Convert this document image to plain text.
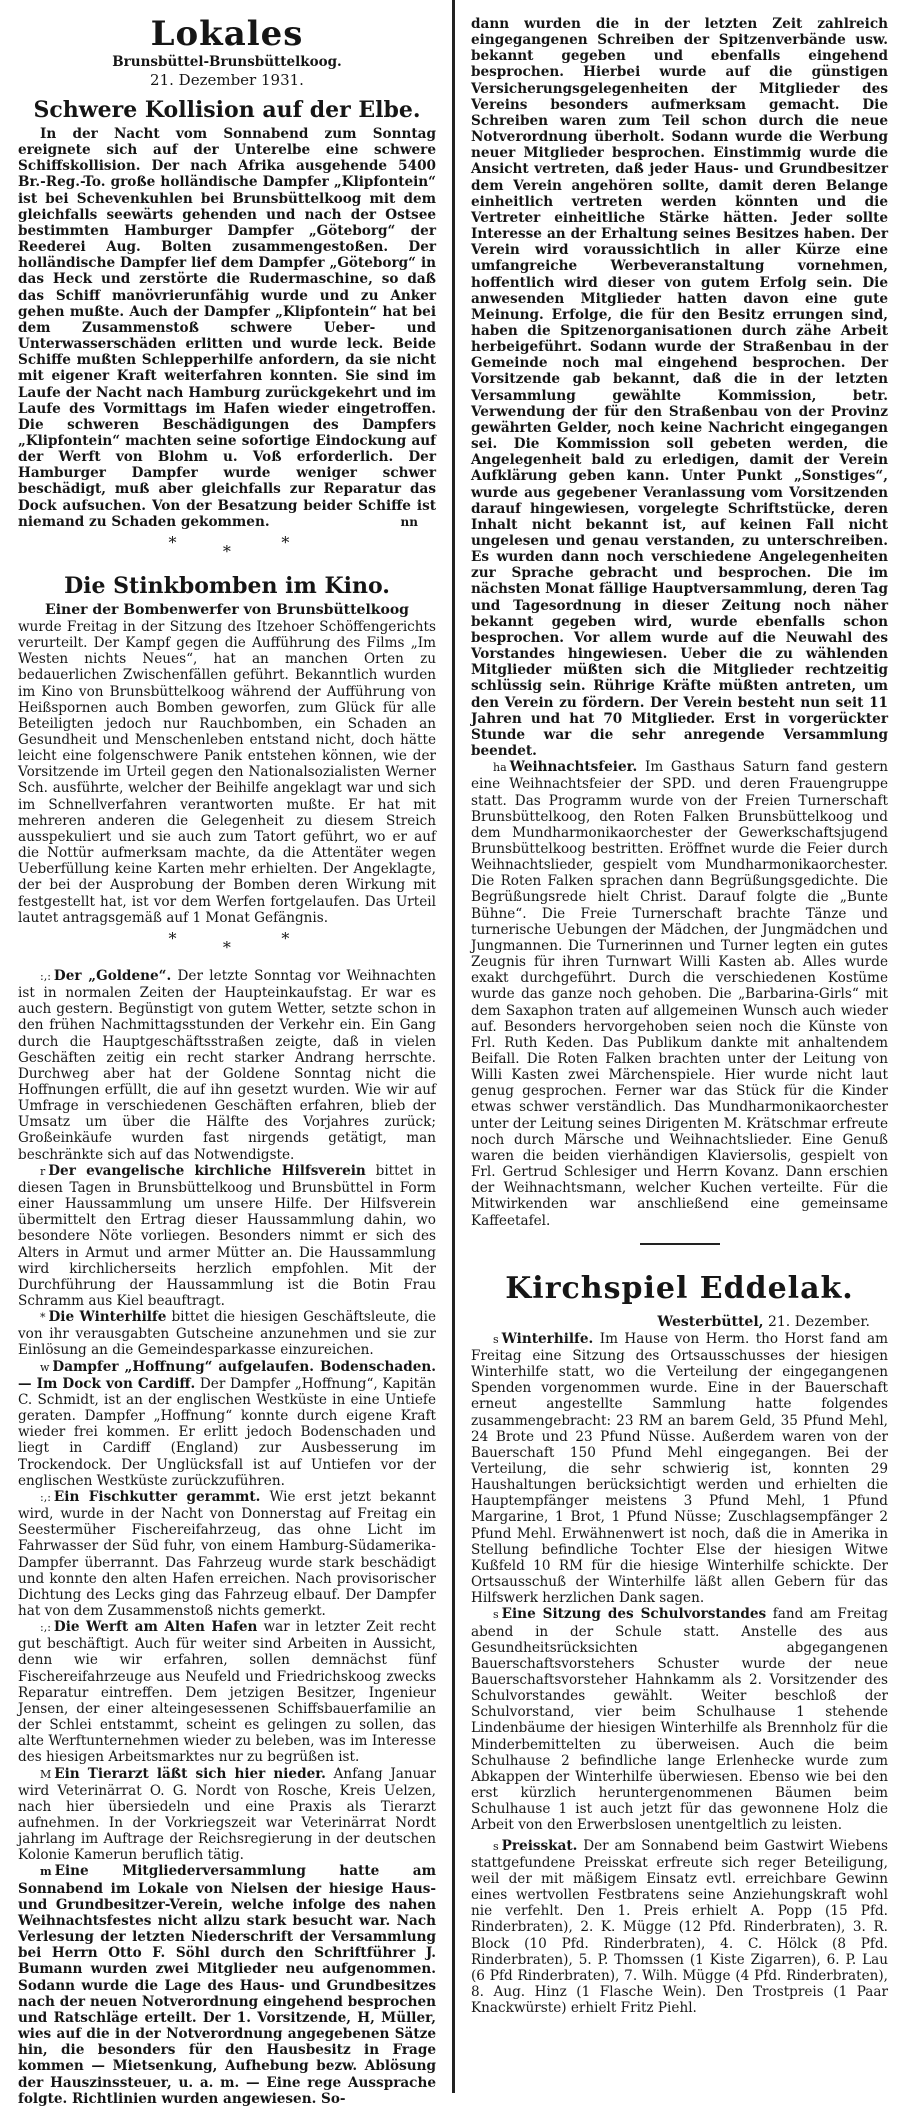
Lokales
Brunsbüttel-Brunsbüttelkoog.
21. Dezember 1931.
Schwere Kollision auf der Elbe.

In der Nacht vom Sonnabend zum Sonntag ereignete sich auf der Unterelbe eine schwere Schiffskollision. Der nach Afrika ausgehende 5400 Br.-Reg.-To. große holländische Dampfer „Klipfontein“ ist bei Schevenkuhlen bei Brunsbüttelkoog mit dem gleichfalls seewärts gehenden und nach der Ostsee bestimmten Hamburger Dampfer „Göteborg“ der Reederei Aug. Bolten zusammengestoßen. Der holländische Dampfer lief dem Dampfer „Göteborg“ in das Heck und zerstörte die Rudermaschine, so daß das Schiff manövrierunfähig wurde und zu Anker gehen mußte. Auch der Dampfer „Klipfontein“ hat bei dem Zusammenstoß schwere Ueber- und Unterwasserschäden erlitten und wurde leck. Beide Schiffe mußten Schlepperhilfe anfordern, da sie nicht mit eigener Kraft weiterfahren konnten. Sie sind im Laufe der Nacht nach Hamburg zurückgekehrt und im Laufe des Vormittags im Hafen wieder eingetroffen. Die schweren Beschädigungen des Dampfers „Klipfontein“ machten seine sofortige Eindockung auf der Werft von Blohm u. Voß erforderlich. Der Hamburger Dampfer wurde weniger schwer beschädigt, muß aber gleichfalls zur Reparatur das Dock aufsuchen. Von der Besatzung beider Schiffe ist niemand zu Schaden gekommen.	nn

*	*	*
Die Stinkbomben im Kino.
Einer der Bombenwerfer von Brunsbüttelkoog

wurde Freitag in der Sitzung des Itzehoer Schöffengerichts verurteilt. Der Kampf gegen die Aufführung des Films „Im Westen nichts Neues“, hat an manchen Orten zu bedauerlichen Zwischenfällen geführt. Bekanntlich wurden im Kino von Brunsbüttelkoog während der Aufführung von Heißspornen auch Bomben geworfen, zum Glück für alle Beteiligten jedoch nur Rauchbomben, ein Schaden an Gesundheit und Menschenleben entstand nicht, doch hätte leicht eine folgenschwere Panik entstehen können, wie der Vorsitzende im Urteil gegen den Nationalsozialisten Werner Sch. ausführte, welcher der Beihilfe angeklagt war und sich im Schnellverfahren verantworten mußte. Er hat mit mehreren anderen die Gelegenheit zu diesem Streich ausspekuliert und sie auch zum Tatort geführt, wo er auf die Nottür aufmerksam machte, da die Attentäter wegen Ueberfüllung keine Karten mehr erhielten. Der Angeklagte, der bei der Ausprobung der Bomben deren Wirkung mit festgestellt hat, ist vor dem Werfen fortgelaufen. Das Urteil lautet antragsgemäß auf 1 Monat Gefängnis.

*	*	*

:,: Der „Goldene“. Der letzte Sonntag vor Weihnachten ist in normalen Zeiten der Haupteinkaufstag. Er war es auch gestern. Begünstigt von gutem Wetter, setzte schon in den frühen Nachmittagsstunden der Verkehr ein. Ein Gang durch die Hauptgeschäftsstraßen zeigte, daß in vielen Geschäften zeitig ein recht starker Andrang herrschte. Durchweg aber hat der Goldene Sonntag nicht die Hoffnungen erfüllt, die auf ihn gesetzt wurden. Wie wir auf Umfrage in verschiedenen Geschäften erfahren, blieb der Umsatz um über die Hälfte des Vorjahres zurück; Großeinkäufe wurden fast nirgends getätigt, man beschränkte sich auf das Notwendigste.

r Der evangelische kirchliche Hilfsverein bittet in diesen Tagen in Brunsbüttelkoog und Brunsbüttel in Form einer Haussammlung um unsere Hilfe. Der Hilfsverein übermittelt den Ertrag dieser Haussammlung dahin, wo besondere Nöte vorliegen. Besonders nimmt er sich des Alters in Armut und armer Mütter an. Die Haussammlung wird kirchlicherseits herzlich empfohlen. Mit der Durchführung der Haussammlung ist die Botin Frau Schramm aus Kiel beauftragt.

* Die Winterhilfe bittet die hiesigen Geschäftsleute, die von ihr verausgabten Gutscheine anzunehmen und sie zur Einlösung an die Gemeindesparkasse einzureichen.

w Dampfer „Hoffnung“ aufgelaufen. Bodenschaden. — Im Dock von Cardiff. Der Dampfer „Hoffnung“, Kapitän C. Schmidt, ist an der englischen Westküste in eine Untiefe geraten. Dampfer „Hoffnung“ konnte durch eigene Kraft wieder frei kommen. Er erlitt jedoch Bodenschaden und liegt in Cardiff (England) zur Ausbesserung im Trockendock. Der Unglücksfall ist auf Untiefen vor der englischen Westküste zurückzuführen.

:,: Ein Fischkutter gerammt. Wie erst jetzt bekannt wird, wurde in der Nacht von Donnerstag auf Freitag ein Seestermüher Fischereifahrzeug, das ohne Licht im Fahrwasser der Süd fuhr, von einem Hamburg-Südamerika-Dampfer überrannt. Das Fahrzeug wurde stark beschädigt und konnte den alten Hafen erreichen. Nach provisorischer Dichtung des Lecks ging das Fahrzeug elbauf. Der Dampfer hat von dem Zusammenstoß nichts gemerkt.

:,: Die Werft am Alten Hafen war in letzter Zeit recht gut beschäftigt. Auch für weiter sind Arbeiten in Aussicht, denn wie wir erfahren, sollen demnächst fünf Fischereifahrzeuge aus Neufeld und Friedrichskoog zwecks Reparatur eintreffen. Dem jetzigen Besitzer, Ingenieur Jensen, der einer alteingesessenen Schiffsbauerfamilie an der Schlei entstammt, scheint es gelingen zu sollen, das alte Werftunternehmen wieder zu beleben, was im Interesse des hiesigen Arbeitsmarktes nur zu begrüßen ist.

M Ein Tierarzt läßt sich hier nieder. Anfang Januar wird Veterinärrat O. G. Nordt von Rosche, Kreis Uelzen, nach hier übersiedeln und eine Praxis als Tierarzt aufnehmen. In der Vorkriegszeit war Veterinärrat Nordt jahrlang im Auftrage der Reichsregierung in der deutschen Kolonie Kamerun beruflich tätig.

m Eine Mitgliederversammlung hatte am Sonnabend im Lokale von Nielsen der hiesige Haus- und Grundbesitzer-Verein, welche infolge des nahen Weihnachtsfestes nicht allzu stark besucht war. Nach Verlesung der letzten Niederschrift der Versammlung bei Herrn Otto F. Söhl durch den Schriftführer J. Bumann wurden zwei Mitglieder neu aufgenommen. Sodann wurde die Lage des Haus- und Grundbesitzes nach der neuen Notverordnung eingehend besprochen und Ratschläge erteilt. Der 1. Vorsitzende, H, Müller, wies auf die in der Notverordnung angegebenen Sätze hin, die besonders für den Hausbesitz in Frage kommen — Mietsenkung, Aufhebung bezw. Ablösung der Hauszinssteuer, u. a. m. — Eine rege Aussprache folgte. Richtlinien wurden angewiesen. So-

dann wurden die in der letzten Zeit zahlreich eingegangenen Schreiben der Spitzenverbände usw. bekannt gegeben und ebenfalls eingehend besprochen. Hierbei wurde auf die günstigen Versicherungsgelegenheiten der Mitglieder des Vereins besonders aufmerksam gemacht. Die Schreiben waren zum Teil schon durch die neue Notverordnung überholt. Sodann wurde die Werbung neuer Mitglieder besprochen. Einstimmig wurde die Ansicht vertreten, daß jeder Haus- und Grundbesitzer dem Verein angehören sollte, damit deren Belange einheitlich vertreten werden könnten und die Vertreter einheitliche Stärke hätten. Jeder sollte Interesse an der Erhaltung seines Besitzes haben. Der Verein wird voraussichtlich in aller Kürze eine umfangreiche Werbeveranstaltung vornehmen, hoffentlich wird dieser von gutem Erfolg sein. Die anwesenden Mitglieder hatten davon eine gute Meinung. Erfolge, die für den Besitz errungen sind, haben die Spitzenorganisationen durch zähe Arbeit herbeigeführt. Sodann wurde der Straßenbau in der Gemeinde noch mal eingehend besprochen. Der Vorsitzende gab bekannt, daß die in der letzten Versammlung gewählte Kommission, betr. Verwendung der für den Straßenbau von der Provinz gewährten Gelder, noch keine Nachricht eingegangen sei. Die Kommission soll gebeten werden, die Angelegenheit bald zu erledigen, damit der Verein Aufklärung geben kann. Unter Punkt „Sonstiges“, wurde aus gegebener Veranlassung vom Vorsitzenden darauf hingewiesen, vorgelegte Schriftstücke, deren Inhalt nicht bekannt ist, auf keinen Fall nicht ungelesen und genau verstanden, zu unterschreiben. Es wurden dann noch verschiedene Angelegenheiten zur Sprache gebracht und besprochen. Die im nächsten Monat fällige Hauptversammlung, deren Tag und Tagesordnung in dieser Zeitung noch näher bekannt gegeben wird, wurde ebenfalls schon besprochen. Vor allem wurde auf die Neuwahl des Vorstandes hingewiesen. Ueber die zu wählenden Mitglieder müßten sich die Mitglieder rechtzeitig schlüssig sein. Rührige Kräfte müßten antreten, um den Verein zu fördern. Der Verein besteht nun seit 11 Jahren und hat 70 Mitglieder. Erst in vorgerückter Stunde war die sehr anregende Versammlung beendet.

ha Weihnachtsfeier. Im Gasthaus Saturn fand gestern eine Weihnachtsfeier der SPD. und deren Frauengruppe statt. Das Programm wurde von der Freien Turnerschaft Brunsbüttelkoog, den Roten Falken Brunsbüttelkoog und dem Mundharmonikaorchester der Gewerkschaftsjugend Brunsbüttelkoog bestritten. Eröffnet wurde die Feier durch Weihnachtslieder, gespielt vom Mundharmonikaorchester. Die Roten Falken sprachen dann Begrüßungsgedichte. Die Begrüßungsrede hielt Christ. Darauf folgte die „Bunte Bühne“. Die Freie Turnerschaft brachte Tänze und turnerische Uebungen der Mädchen, der Jungmädchen und Jungmannen. Die Turnerinnen und Turner legten ein gutes Zeugnis für ihren Turnwart Willi Kasten ab. Alles wurde exakt durchgeführt. Durch die verschiedenen Kostüme wurde das ganze noch gehoben. Die „Barbarina-Girls“ mit dem Saxaphon traten auf allgemeinen Wunsch auch wieder auf. Besonders hervorgehoben seien noch die Künste von Frl. Ruth Keden. Das Publikum dankte mit anhaltendem Beifall. Die Roten Falken brachten unter der Leitung von Willi Kasten zwei Märchenspiele. Hier wurde nicht laut genug gesprochen. Ferner war das Stück für die Kinder etwas schwer verständlich. Das Mundharmonikaorchester unter der Leitung seines Dirigenten M. Krätschmar erfreute noch durch Märsche und Weihnachtslieder. Eine Genuß waren die beiden vierhändigen Klaviersolis, gespielt von Frl. Gertrud Schlesiger und Herrn Kovanz. Dann erschien der Weihnachtsmann, welcher Kuchen verteilte. Für die Mitwirkenden war anschließend eine gemeinsame Kaffeetafel.

Kirchspiel Eddelak.
Westerbüttel, 21. Dezember.

s Winterhilfe. Im Hause von Herm. tho Horst fand am Freitag eine Sitzung des Ortsausschusses der hiesigen Winterhilfe statt, wo die Verteilung der eingegangenen Spenden vorgenommen wurde. Eine in der Bauerschaft erneut angestellte Sammlung hatte folgendes zusammengebracht: 23 RM an barem Geld, 35 Pfund Mehl, 24 Brote und 23 Pfund Nüsse. Außerdem waren von der Bauerschaft 150 Pfund Mehl eingegangen. Bei der Verteilung, die sehr schwierig ist, konnten 29 Haushaltungen berücksichtigt werden und erhielten die Hauptempfänger meistens 3 Pfund Mehl, 1 Pfund Margarine, 1 Brot, 1 Pfund Nüsse; Zuschlagsempfänger 2 Pfund Mehl. Erwähnenwert ist noch, daß die in Amerika in Stellung befindliche Tochter Else der hiesigen Witwe Kußfeld 10 RM für die hiesige Winterhilfe schickte. Der Ortsausschuß der Winterhilfe läßt allen Gebern für das Hilfswerk herzlichen Dank sagen.

s Eine Sitzung des Schulvorstandes fand am Freitag abend in der Schule statt. Anstelle des aus Gesundheitsrücksichten abgegangenen Bauerschaftsvorstehers Schuster wurde der neue Bauerschaftsvorsteher Hahnkamm als 2. Vorsitzender des Schulvorstandes gewählt. Weiter beschloß der Schulvorstand, vier beim Schulhause 1 stehende Lindenbäume der hiesigen Winterhilfe als Brennholz für die Minderbemittelten zu überweisen. Auch die beim Schulhause 2 befindliche lange Erlenhecke wurde zum Abkappen der Winterhilfe überwiesen. Ebenso wie bei den erst kürzlich heruntergenommenen Bäumen beim Schulhause 1 ist auch jetzt für das gewonnene Holz die Arbeit von den Erwerbslosen unentgeltlich zu leisten.

s Preisskat. Der am Sonnabend beim Gastwirt Wiebens stattgefundene Preisskat erfreute sich reger Beteiligung, weil der mit mäßigem Einsatz evtl. erreichbare Gewinn eines wertvollen Festbratens seine Anziehungskraft wohl nie verfehlt. Den 1. Preis erhielt A. Popp (15 Pfd. Rinderbraten), 2. K. Mügge (12 Pfd. Rinderbraten), 3. R. Block (10 Pfd. Rinderbraten), 4. C. Hölck (8 Pfd. Rinderbraten), 5. P. Thomssen (1 Kiste Zigarren), 6. P. Lau (6 Pfd Rinderbraten), 7. Wilh. Mügge (4 Pfd. Rinderbraten), 8. Aug. Hinz (1 Flasche Wein). Den Trostpreis (1 Paar Knackwürste) erhielt Fritz Piehl.
